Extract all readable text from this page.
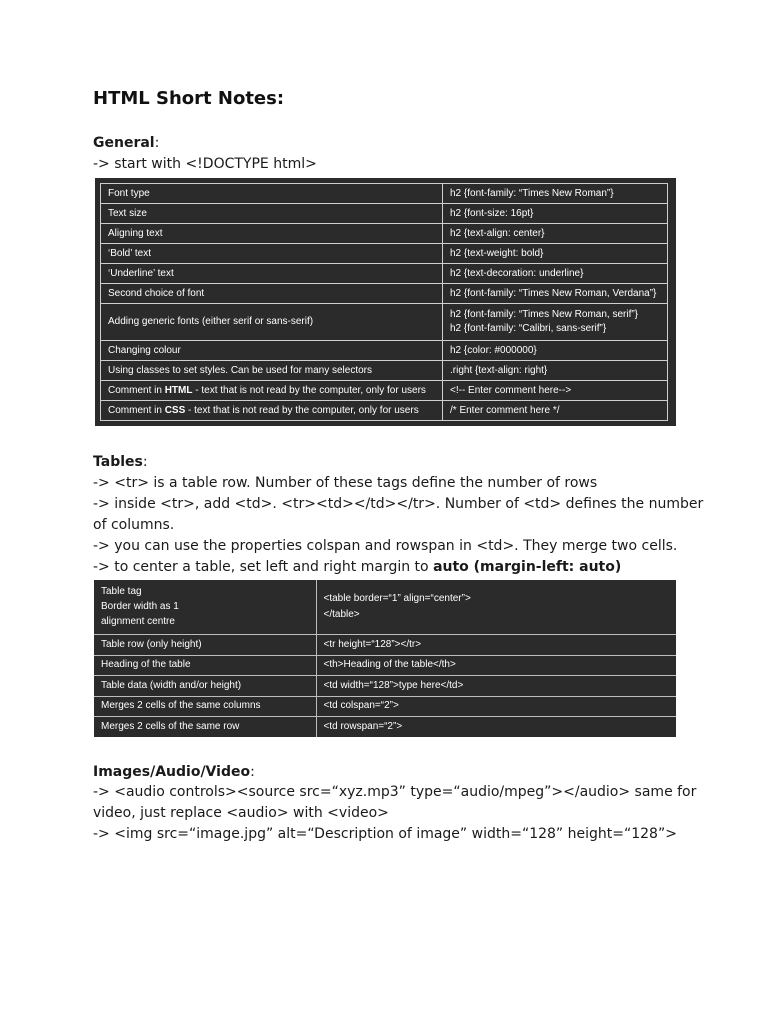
HTML Short Notes:
General:
-> start with <!DOCTYPE html>
Font type	h2 {font-family: “Times New Roman”}
Text size	h2 {font-size: 16pt}
Aligning text	h2 {text-align: center}
‘Bold’ text	h2 {text-weight: bold}
‘Underline’ text	h2 {text-decoration: underline}
Second choice of font	h2 {font-family: “Times New Roman, Verdana”}
Adding generic fonts (either serif or sans-serif)	h2 {font-family: “Times New Roman, serif”}
h2 {font-family: “Calibri, sans-serif”}
Changing colour	h2 {color: #000000}
Using classes to set styles. Can be used for many selectors	.right {text-align: right}
Comment in HTML - text that is not read by the computer, only for users	<!-- Enter comment here-->
Comment in CSS - text that is not read by the computer, only for users	/* Enter comment here */
Tables:
-> <tr> is a table row. Number of these tags define the number of rows
-> inside <tr>, add <td>. <tr><td></td></tr>. Number of <td> defines the number
of columns.
-> you can use the properties colspan and rowspan in <td>. They merge two cells.
-> to center a table, set left and right margin to auto (margin-left: auto)
Table tag
Border width as 1
alignment centre	<table border=“1” align=“center”>
</table>
Table row (only height)	<tr height=“128”></tr>
Heading of the table	<th>Heading of the table</th>
Table data (width and/or height)	<td width=“128”>type here</td>
Merges 2 cells of the same columns	<td colspan=“2”>
Merges 2 cells of the same row	<td rowspan=“2”>
Images/Audio/Video:
-> <audio controls><source src=“xyz.mp3” type=“audio/mpeg”></audio> same for
video, just replace <audio> with <video>
-> <img src=“image.jpg” alt=“Description of image” width=“128” height=“128”>
